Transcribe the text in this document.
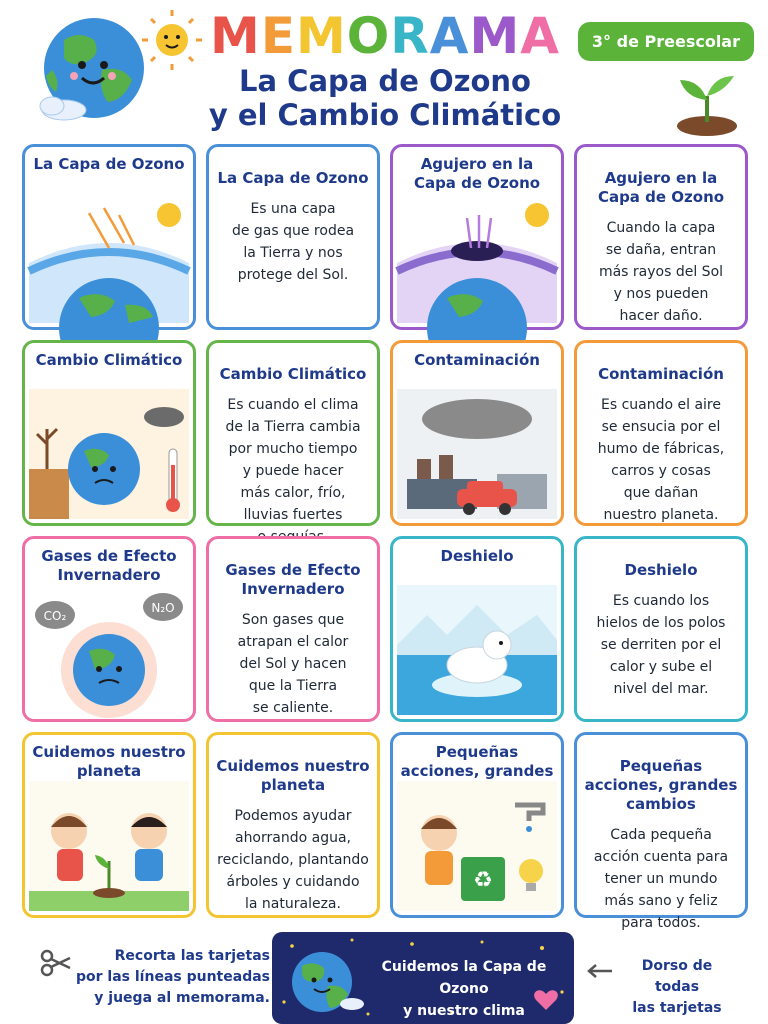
MEMORAMA
La Capa de Ozono
y el Cambio Climático
3° de Preescolar
La Capa de Ozono
La Capa de Ozono
Es una capa
de gas que rodea
la Tierra y nos
protege del Sol.
Agujero en la Capa de Ozono	Agujero en la Capa de Ozono
Cuando la capa
se daña, entran
más rayos del Sol
y nos pueden
hacer daño.
Cambio Climático
Cambio Climático
Es cuando el clima
de la Tierra cambia
por mucho tiempo
y puede hacer
más calor, frío,
lluvias fuertes
Contaminación
Contaminación
Es cuando el aire
se ensucia por el
humo de fábricas,
carros y cosas
que dañan
nuestro planeta.
Gases de Efecto Invernadero
CO₂
N₂O
Gases de Efecto Invernadero
Son gases que
atrapan el calor
del Sol y hacen
que la Tierra
se caliente.
Deshielo
Deshielo
Es cuando los
hielos de los polos
se derriten por el
calor y sube el
nivel del mar.
Cuidemos nuestro planeta	Cuidemos nuestro planeta
Podemos ayudar
ahorrando agua,
reciclando, plantando
árboles y cuidando
la naturaleza.
Pequeñas acciones, grandes
♻
Pequeñas acciones, grandes cambios
Cada pequeña
acción cuenta para
tener un mundo
más sano y feliz
para todos.
Recorta las tarjetas
por las líneas punteadas
y juega al memorama.
Cuidemos la Capa de Ozono
y nuestro clima
Dorso de todas
las tarjetas
